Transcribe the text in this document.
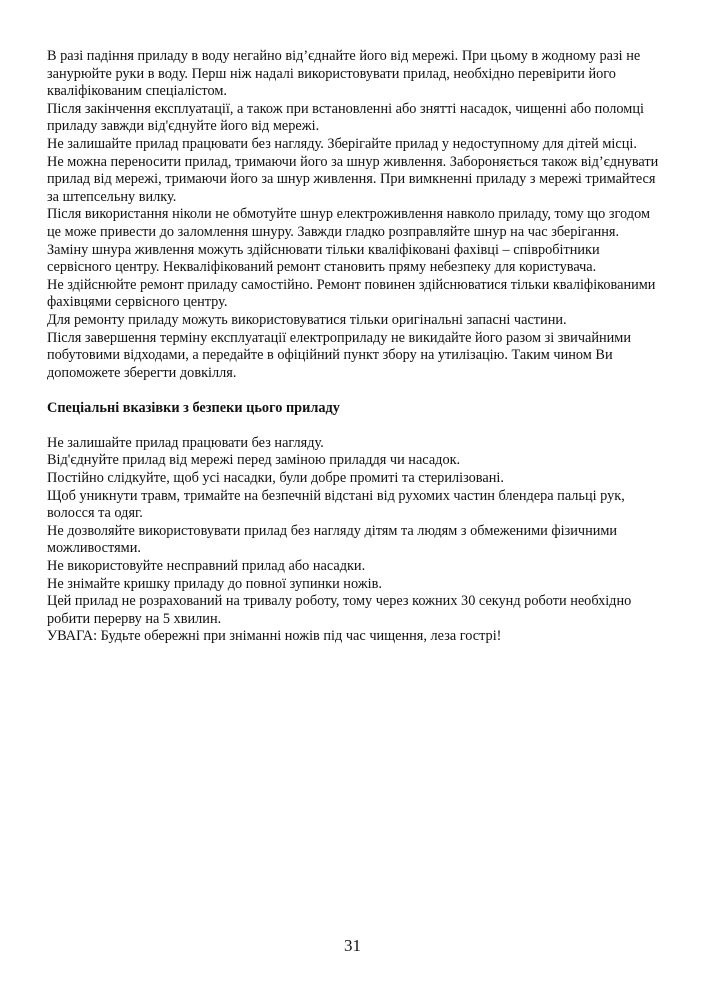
В разі падіння приладу в воду негайно від’єднайте його від мережі. При цьому в жодному разі не занурюйте руки в воду. Перш ніж надалі використовувати прилад, необхідно перевірити його кваліфікованим спеціалістом.

Після закінчення експлуатації, а також при встановленні або знятті насадок, чищенні або поломці приладу завжди від'єднуйте його від мережі.

Не залишайте прилад працювати без нагляду. Зберігайте прилад у недоступному для дітей місці.

Не можна переносити прилад, тримаючи його за шнур живлення. Забороняється також від’єднувати прилад від мережі, тримаючи його за шнур живлення. При вимкненні приладу з мережі тримайтеся за штепсельну вилку.

Після використання ніколи не обмотуйте шнур електроживлення навколо приладу, тому що згодом це може привести до заломлення шнуру. Завжди гладко розправляйте шнур на час зберігання.

Заміну шнура живлення можуть здійснювати тільки кваліфіковані фахівці – співробітники сервісного центру. Некваліфікований ремонт становить пряму небезпеку для користувача.

Не здійснюйте ремонт приладу самостійно. Ремонт повинен здійснюватися тільки кваліфікованими фахівцями сервісного центру.

Для ремонту приладу можуть використовуватися тільки оригінальні запасні частини.

Після завершення терміну експлуатації електроприладу не викидайте його разом зі звичайними побутовими відходами, а передайте в офіційний пункт збору на утилізацію. Таким чином Ви допоможете зберегти довкілля.

Спеціальні вказівки з безпеки цього приладу

Не залишайте прилад працювати без нагляду.

Від'єднуйте прилад від мережі перед заміною приладдя чи насадок.

Постійно слідкуйте, щоб усі насадки, були добре промиті та стерилізовані.

Щоб уникнути травм, тримайте на безпечній відстані від рухомих частин блендера пальці рук, волосся та одяг.

Не дозволяйте використовувати прилад без нагляду дітям та людям з обмеженими фізичними можливостями.

Не використовуйте несправний прилад або насадки.

Не знімайте кришку приладу до повної зупинки ножів.

Цей прилад не розрахований на тривалу роботу, тому через кожних 30 секунд роботи необхідно робити перерву на 5 хвилин.

УВАГА: Будьте обережні при зніманні ножів під час чищення, леза гострі!

31
